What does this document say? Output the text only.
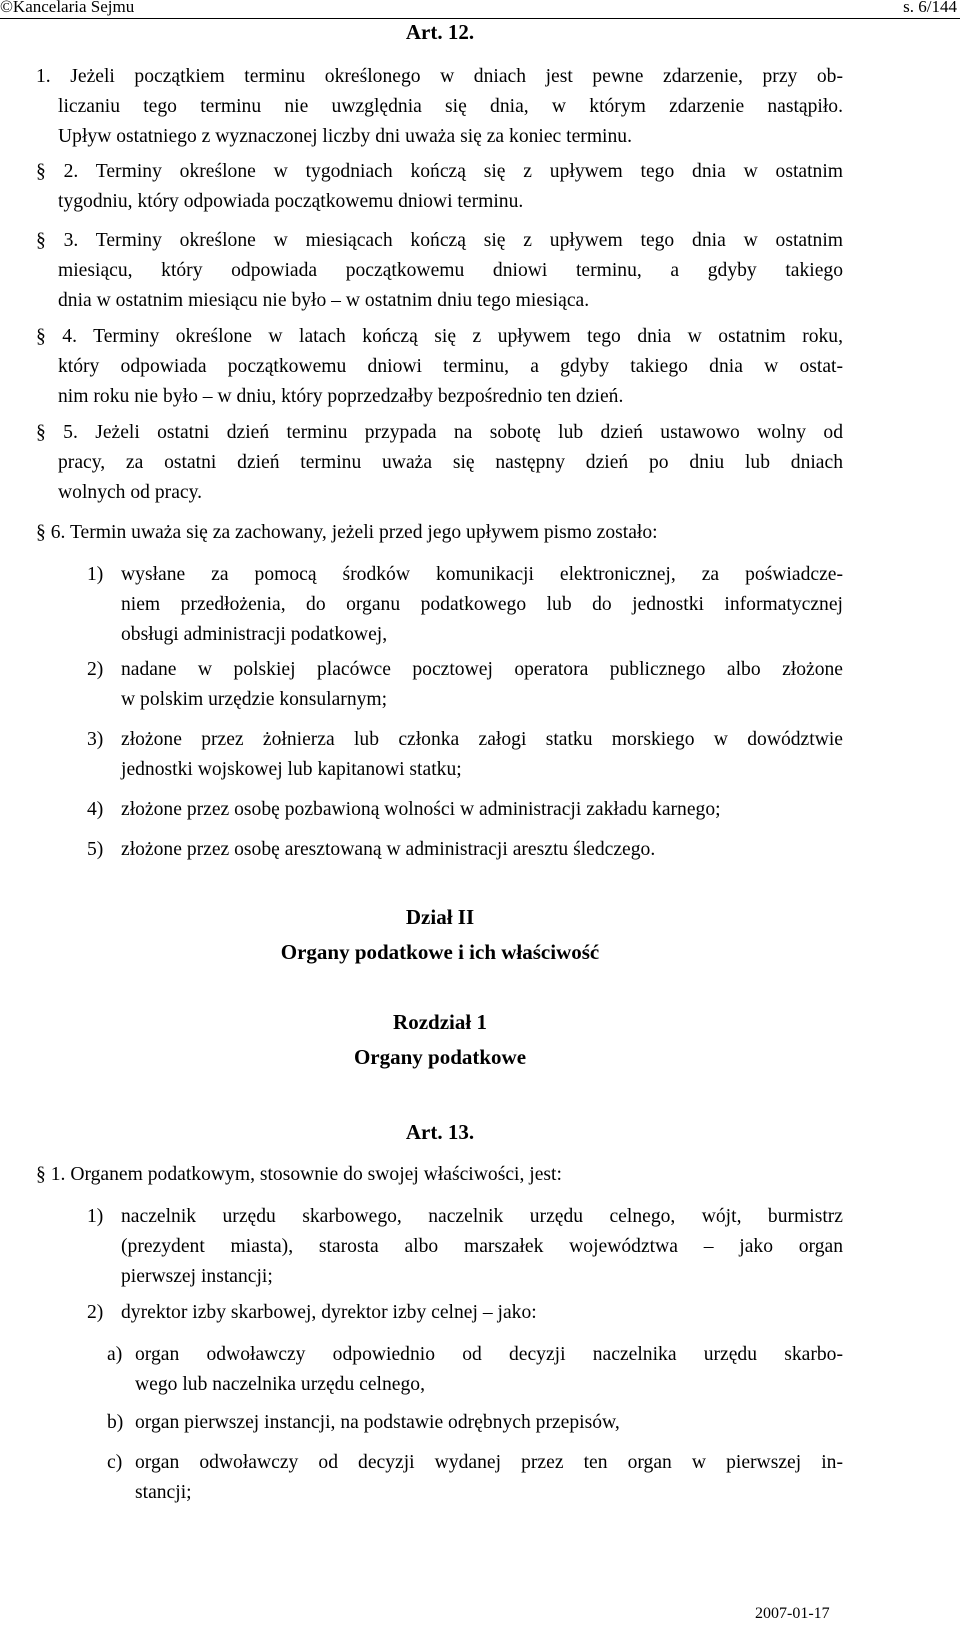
©Kancelaria Sejmu	s. 6/144
Art. 12.
1. Jeżeli początkiem terminu określonego w dniach jest pewne zdarzenie, przy ob-
liczaniu tego terminu nie uwzględnia się dnia, w którym zdarzenie nastąpiło.
Upływ ostatniego z wyznaczonej liczby dni uważa się za koniec terminu.
§ 2. Terminy określone w tygodniach kończą się z upływem tego dnia w ostatnim
tygodniu, który odpowiada początkowemu dniowi terminu.
§ 3. Terminy określone w miesiącach kończą się z upływem tego dnia w ostatnim
miesiącu, który odpowiada początkowemu dniowi terminu, a gdyby takiego
dnia w ostatnim miesiącu nie było – w ostatnim dniu tego miesiąca.
§ 4. Terminy określone w latach kończą się z upływem tego dnia w ostatnim roku,
który odpowiada początkowemu dniowi terminu, a gdyby takiego dnia w ostat-
nim roku nie było – w dniu, który poprzedzałby bezpośrednio ten dzień.
§ 5. Jeżeli ostatni dzień terminu przypada na sobotę lub dzień ustawowo wolny od
pracy, za ostatni dzień terminu uważa się następny dzień po dniu lub dniach
wolnych od pracy.
§ 6. Termin uważa się za zachowany, jeżeli przed jego upływem pismo zostało:
1) wysłane za pomocą środków komunikacji elektronicznej, za poświadcze-
niem przedłożenia, do organu podatkowego lub do jednostki informatycznej
obsługi administracji podatkowej,
2) nadane w polskiej placówce pocztowej operatora publicznego albo złożone
w polskim urzędzie konsularnym;
3) złożone przez żołnierza lub członka załogi statku morskiego w dowództwie
jednostki wojskowej lub kapitanowi statku;
4) złożone przez osobę pozbawioną wolności w administracji zakładu karnego;
5) złożone przez osobę aresztowaną w administracji aresztu śledczego.
Dział II
Organy podatkowe i ich właściwość
Rozdział 1
Organy podatkowe
Art. 13.
§ 1. Organem podatkowym, stosownie do swojej właściwości, jest:
1) naczelnik urzędu skarbowego, naczelnik urzędu celnego, wójt, burmistrz
(prezydent miasta), starosta albo marszałek województwa – jako organ
pierwszej instancji;
2) dyrektor izby skarbowej, dyrektor izby celnej – jako:
a) organ odwoławczy odpowiednio od decyzji naczelnika urzędu skarbo-
wego lub naczelnika urzędu celnego,
b) organ pierwszej instancji, na podstawie odrębnych przepisów,
c) organ odwoławczy od decyzji wydanej przez ten organ w pierwszej in-
stancji;
2007-01-17
